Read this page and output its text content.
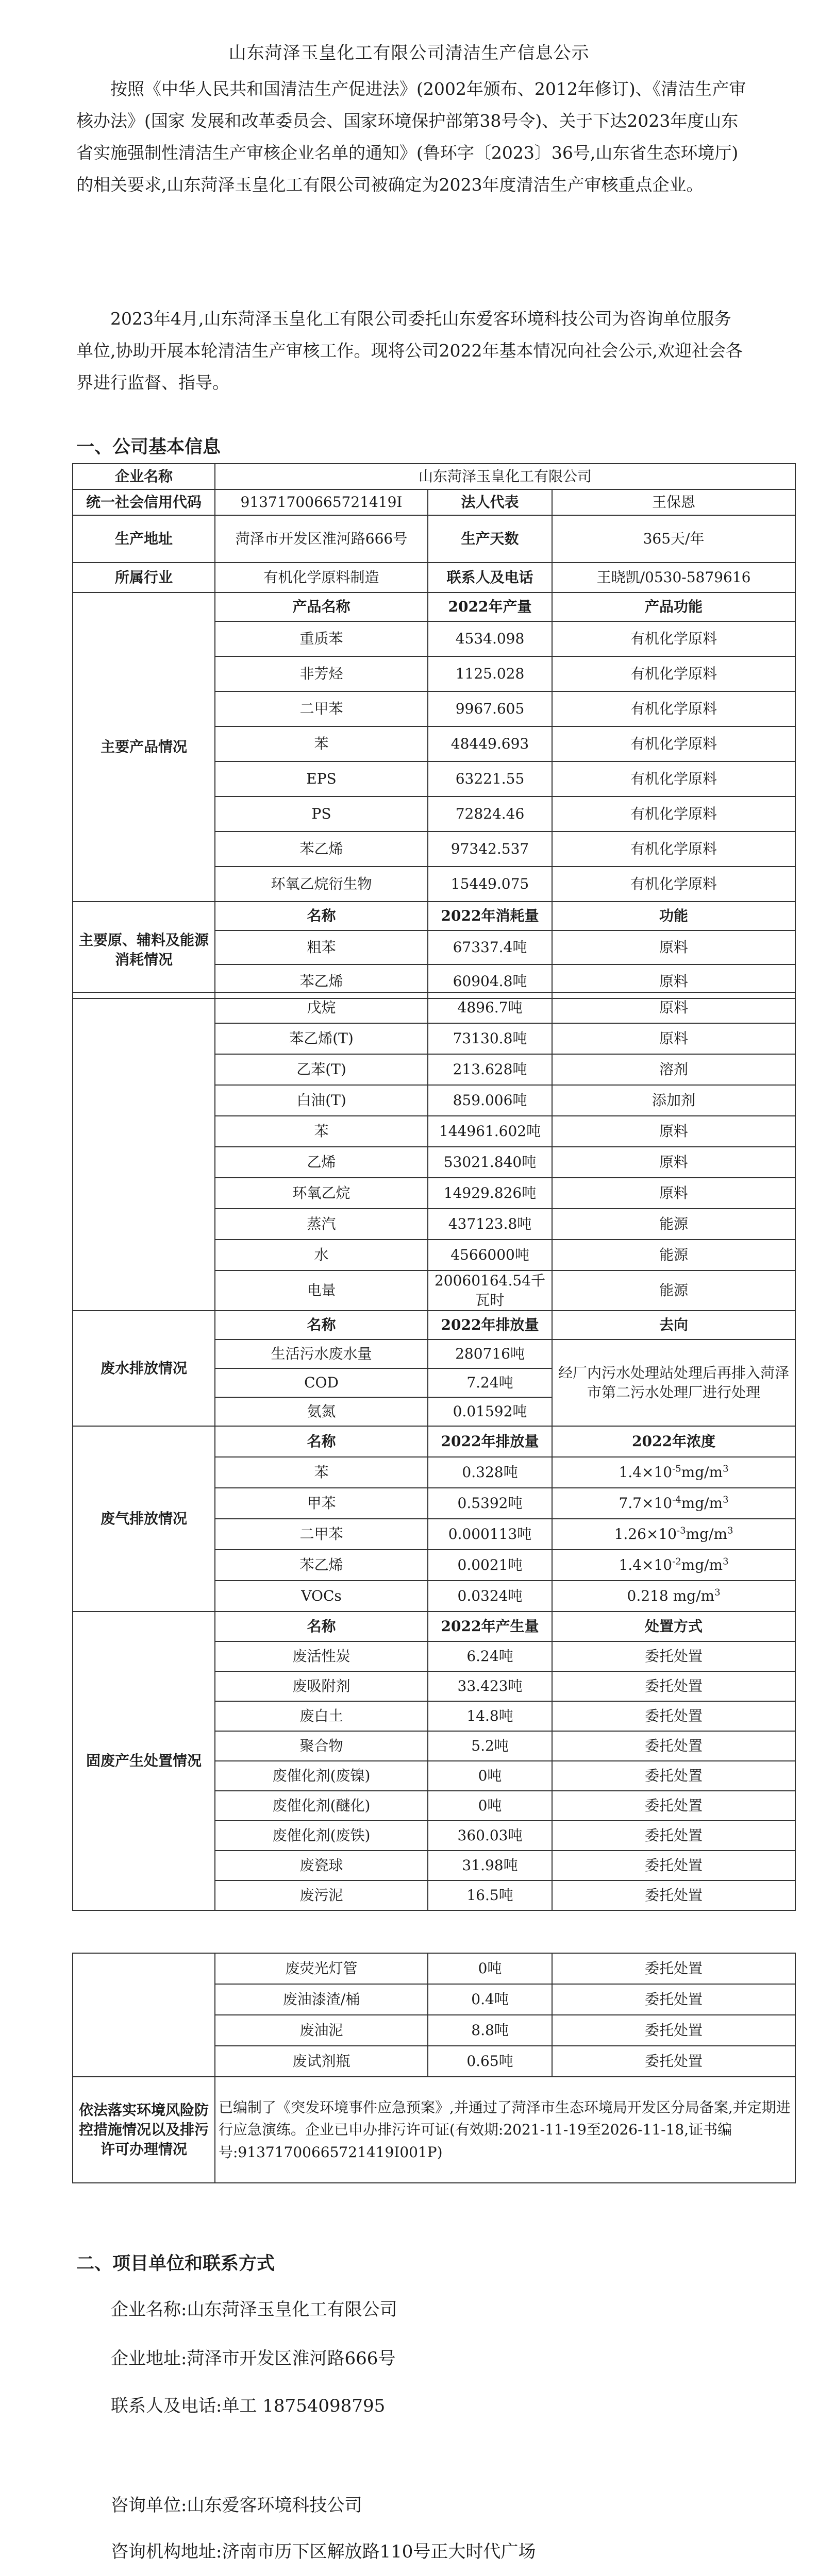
山东菏泽玉皇化工有限公司清洁生产信息公示

按照《中华人民共和国清洁生产促进法》(2002年颁布、2012年修订)、《清洁生产审核办法》(国家 发展和改革委员会、国家环境保护部第38号令)、关于下达2023年度山东省实施强制性清洁生产审核企业名单的通知》(鲁环字〔2023〕36号,山东省生态环境厅)的相关要求,山东菏泽玉皇化工有限公司被确定为2023年度清洁生产审核重点企业。

2023年4月,山东菏泽玉皇化工有限公司委托山东爱客环境科技公司为咨询单位服务单位,协助开展本轮清洁生产审核工作。现将公司2022年基本情况向社会公示,欢迎社会各界进行监督、指导。

一、公司基本信息
企业名称	山东菏泽玉皇化工有限公司		
统一社会信用代码	91371700665721419I	法人代表	王保恩
生产地址	菏泽市开发区淮河路666号	生产天数	365天/年
所属行业	有机化学原料制造	联系人及电话	王晓凯/0530-5879616
主要产品情况	产品名称	2022年产量	产品功能
	重质苯	4534.098	有机化学原料
	非芳烃	1125.028	有机化学原料
	二甲苯	9967.605	有机化学原料
	苯	48449.693	有机化学原料
	EPS	63221.55	有机化学原料
	PS	72824.46	有机化学原料
	苯乙烯	97342.537	有机化学原料
	环氧乙烷衍生物	15449.075	有机化学原料
主要原、辅料及能源消耗情况	名称	2022年消耗量	功能
	粗苯	67337.4吨	原料
	苯乙烯	60904.8吨	原料
	戊烷	4896.7吨	原料
	苯乙烯(T)	73130.8吨	原料
	乙苯(T)	213.628吨	溶剂
	白油(T)	859.006吨	添加剂
	苯	144961.602吨	原料
	乙烯	53021.840吨	原料
	环氧乙烷	14929.826吨	原料
	蒸汽	437123.8吨	能源
	水	4566000吨	能源
	电量	20060164.54千瓦时	能源
废水排放情况	名称	2022年排放量	去向
	生活污水废水量	280716吨	经厂内污水处理站处理后再排入菏泽市第二污水处理厂进行处理
	COD	7.24吨	
	氨氮	0.01592吨	
废气排放情况	名称	2022年排放量	2022年浓度
	苯	0.328吨	$1.4\times 10^{-5}mg/m^3$
	甲苯	0.5392吨	$7.7\times 10^{-4}mg/m^3$
	二甲苯	0.000113吨	$1.26\times 10^{-3}mg/m^3$
	苯乙烯	0.0021吨	$1.4\times 10^{-2}mg/m^3$
	VOCs	0.0324吨	0.218 $mg/m^3$
固废产生处置情况	名称	2022年产生量	处置方式
	废活性炭	6.24吨	委托处置
	废吸附剂	33.423吨	委托处置
	废白土	14.8吨	委托处置
	聚合物	5.2吨	委托处置
	废催化剂(废镍)	0吨	委托处置
	废催化剂(醚化)	0吨	委托处置
	废催化剂(废铁)	360.03吨	委托处置
	废瓷球	31.98吨	委托处置
	废污泥	16.5吨	委托处置
	废荧光灯管	0吨	委托处置
	废油漆渣/桶	0.4吨	委托处置
	废油泥	8.8吨	委托处置
	废试剂瓶	0.65吨	委托处置
依法落实环境风险防控措施情况以及排污许可办理情况	已编制了《突发环境事件应急预案》,并通过了菏泽市生态环境局开发区分局备案,并定期进行应急演练。企业已申办排污许可证(有效期:2021-11-19至2026-11-18,证书编号:91371700665721419I001P)		
二、项目单位和联系方式

企业名称:山东菏泽玉皇化工有限公司

企业地址:菏泽市开发区淮河路666号

联系人及电话:单工 18754098795

咨询单位:山东爱客环境科技公司

咨询机构地址:济南市历下区解放路110号正大时代广场
